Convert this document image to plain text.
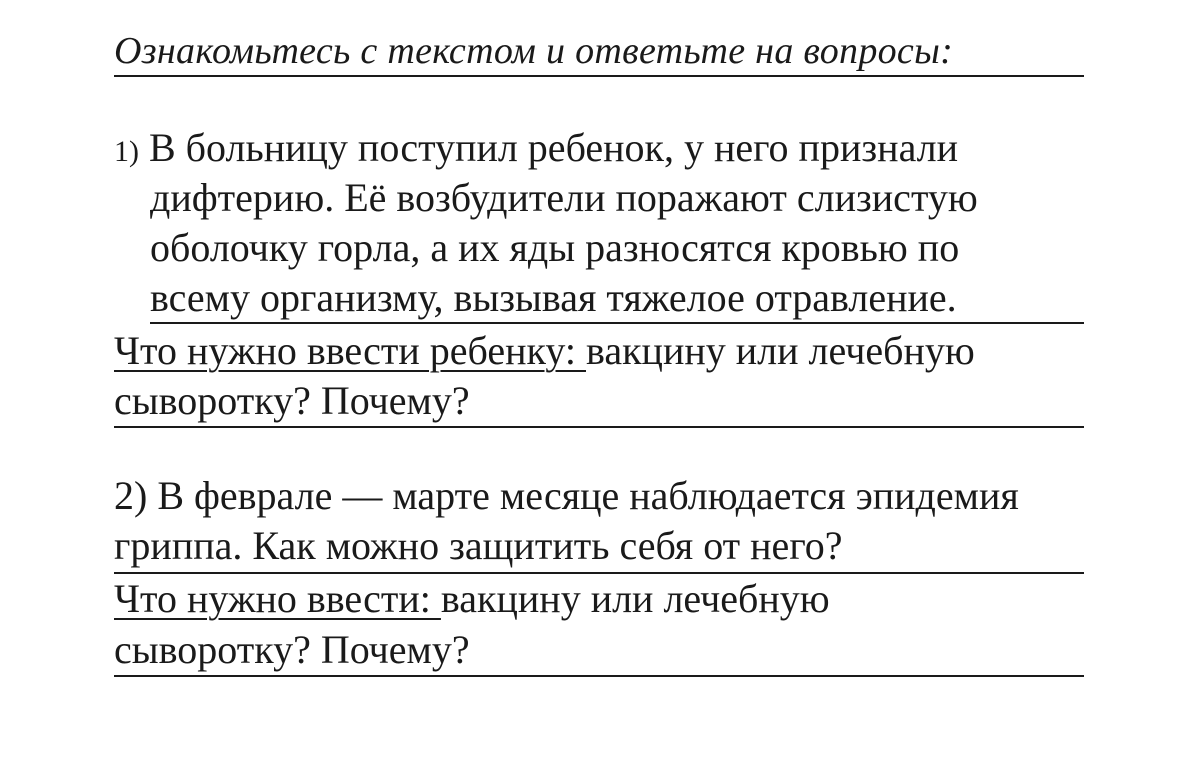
Ознакомьтесь с текстом и ответьте на вопросы:
1) В больницу поступил ребенок, у него признали
дифтерию. Её возбудители поражают слизистую
оболочку горла, а их яды разносятся кровью по
всему организму, вызывая тяжелое отравление.
Что нужно ввести ребенку: вакцину или лечебную
сыворотку? Почему?
2) В феврале — марте месяце наблюдается эпидемия
гриппа. Как можно защитить себя от него?
Что нужно ввести: вакцину или лечебную
сыворотку? Почему?
